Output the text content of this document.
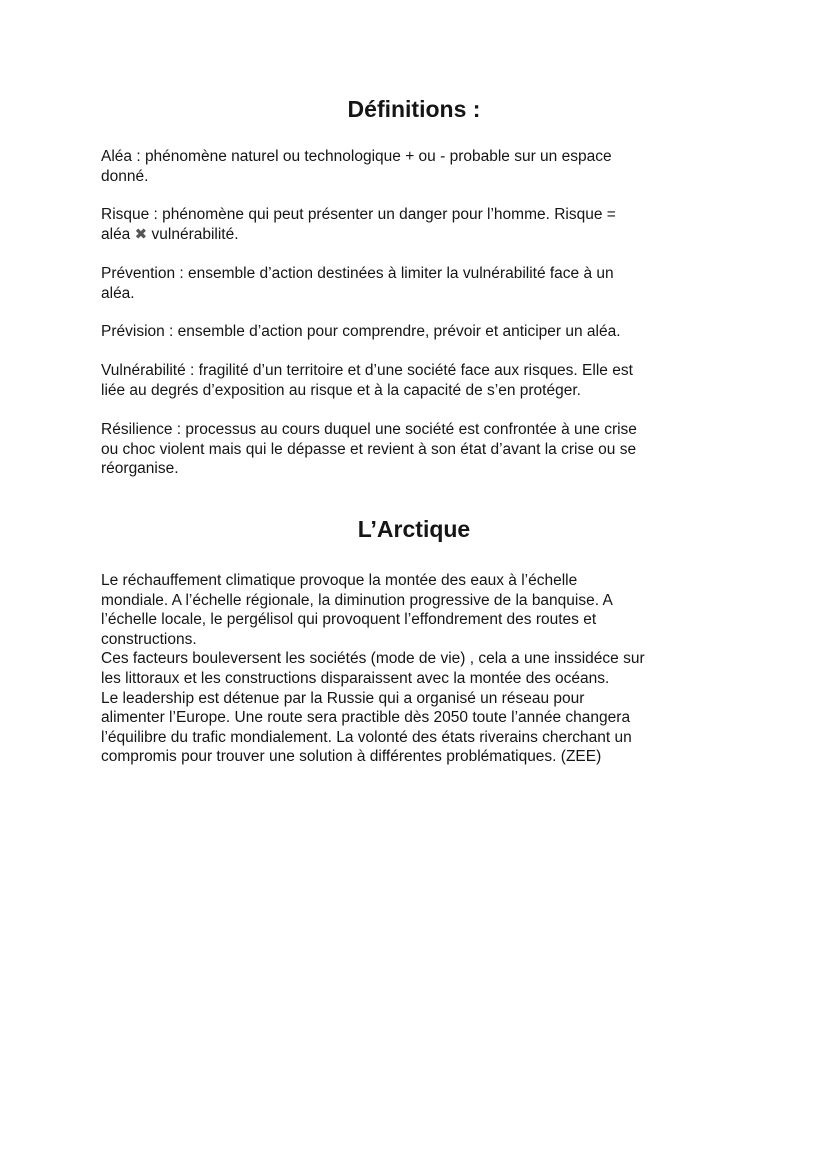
Définitions :
Aléa : phénomène naturel ou technologique + ou - probable sur un espace
donné.
Risque : phénomène qui peut présenter un danger pour l’homme. Risque =
aléa ✖ vulnérabilité.
Prévention : ensemble d’action destinées à limiter la vulnérabilité face à un
aléa.
Prévision : ensemble d’action pour comprendre, prévoir et anticiper un aléa.
Vulnérabilité : fragilité d’un territoire et d’une société face aux risques. Elle est
liée au degrés d’exposition au risque et à la capacité de s’en protéger.
Résilience : processus au cours duquel une société est confrontée à une crise
ou choc violent mais qui le dépasse et revient à son état d’avant la crise ou se
réorganise.
L’Arctique
Le réchauffement climatique provoque la montée des eaux à l’échelle
mondiale. A l’échelle régionale, la diminution progressive de la banquise. A
l’échelle locale, le pergélisol qui provoquent l’effondrement des routes et
constructions.
Ces facteurs bouleversent les sociétés (mode de vie) , cela a une inssidéce sur
les littoraux et les constructions disparaissent avec la montée des océans.
Le leadership est détenue par la Russie qui a organisé un réseau pour
alimenter l’Europe. Une route sera practible dès 2050 toute l’année changera
l’équilibre du trafic mondialement. La volonté des états riverains cherchant un
compromis pour trouver une solution à différentes problématiques. (ZEE)
